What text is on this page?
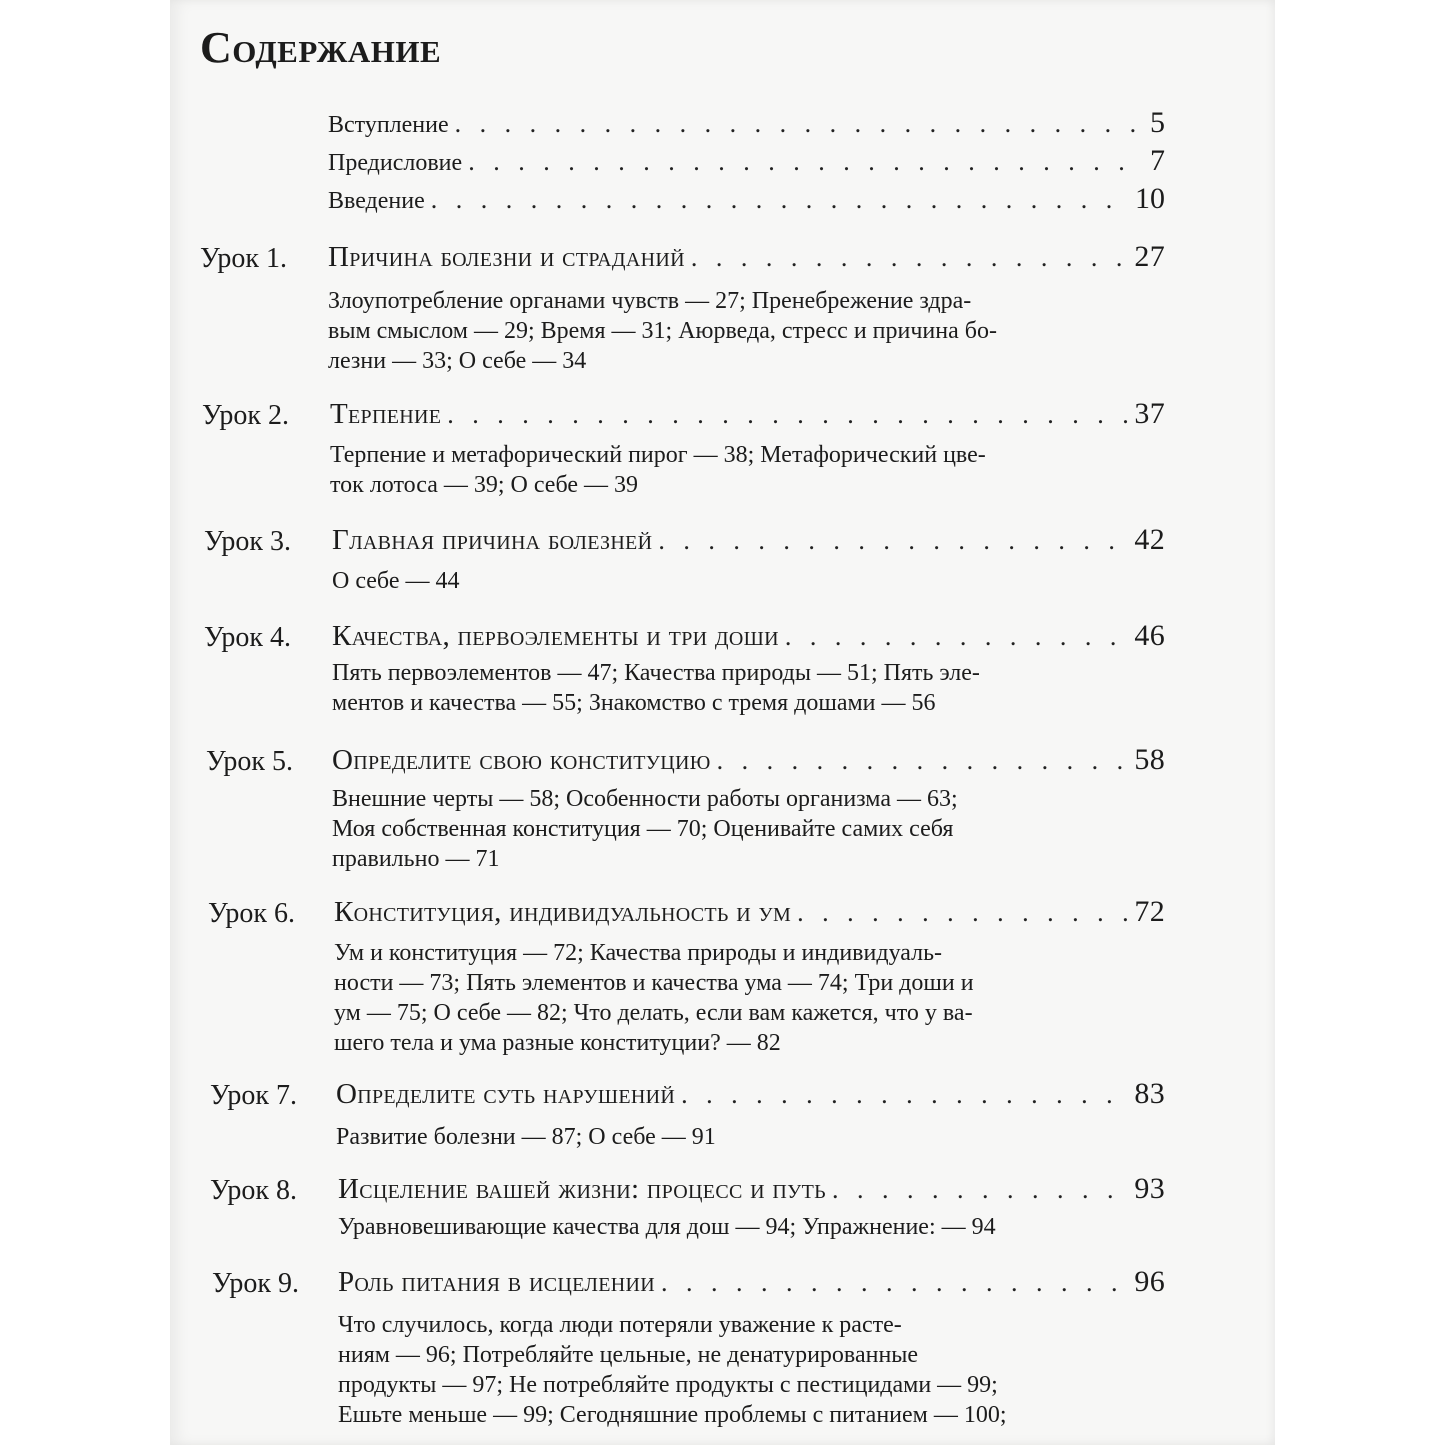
Содержание
Вступление . . .	5
Предисловие . . .	7
Введение . . .	10
Урок 1. Причина болезни и страданий . . .	27
Злоупотребление органами чувств — 27; Пренебрежение здра-
вым смыслом — 29; Время — 31; Аюрведа, стресс и причина бо-
лезни — 33; О себе — 34
Урок 2. Терпение . . .	37
Терпение и метафорический пирог — 38; Метафорический цве-
ток лотоса — 39; О себе — 39
Урок 3. Главная причина болезней . . .	42
О себе — 44
Урок 4. Качества, первоэлементы и три доши . . .	46
Пять первоэлементов — 47; Качества природы — 51; Пять эле-
ментов и качества — 55; Знакомство с тремя дошами — 56
Урок 5. Определите свою конституцию . . .	58
Внешние черты — 58; Особенности работы организма — 63;
Моя собственная конституция — 70; Оценивайте самих себя
правильно — 71
Урок 6. Конституция, индивидуальность и ум . . .	72
Ум и конституция — 72; Качества природы и индивидуаль-
ности — 73; Пять элементов и качества ума — 74; Три доши и
ум — 75; О себе — 82; Что делать, если вам кажется, что у ва-
шего тела и ума разные конституции? — 82
Урок 7. Определите суть нарушений . . .	83
Развитие болезни — 87; О себе — 91
Урок 8. Исцеление вашей жизни: процесс и путь . . .	93
Уравновешивающие качества для дош — 94; Упражнение: — 94
Урок 9. Роль питания в исцелении . . .	96
Что случилось, когда люди потеряли уважение к расте-
ниям — 96; Потребляйте цельные, не денатурированные
продукты — 97; Не потребляйте продукты с пестицидами — 99;
Ешьте меньше — 99; Сегодняшние проблемы с питанием — 100;
